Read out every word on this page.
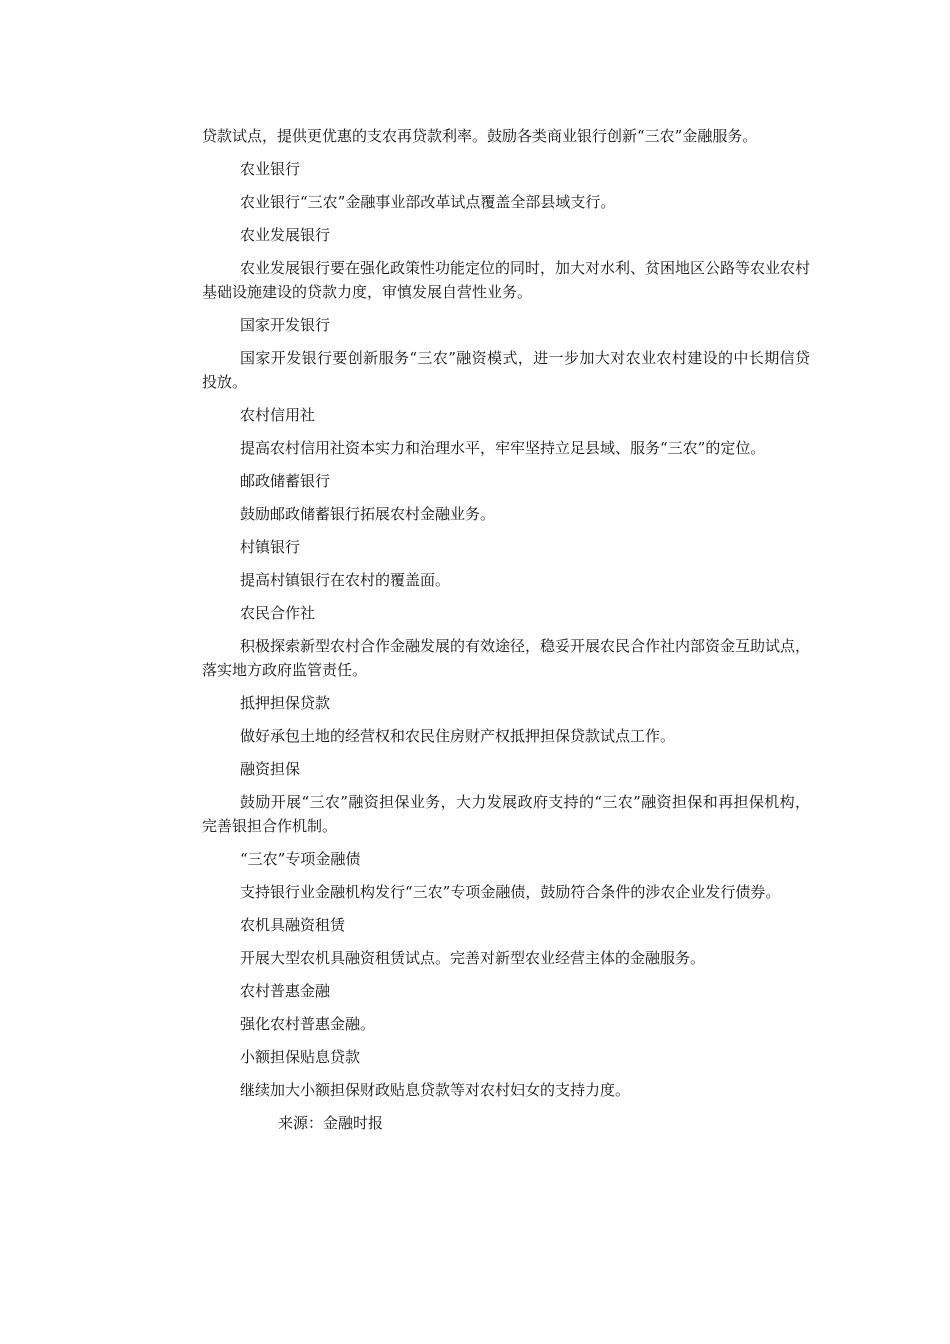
贷款试点，提供更优惠的支农再贷款利率。鼓励各类商业银行创新“三农”金融服务。

农业银行

农业银行“三农”金融事业部改革试点覆盖全部县域支行。

农业发展银行

农业发展银行要在强化政策性功能定位的同时，加大对水利、贫困地区公路等农业农村基础设施建设的贷款力度，审慎发展自营性业务。

国家开发银行

国家开发银行要创新服务“三农”融资模式，进一步加大对农业农村建设的中长期信贷投放。

农村信用社

提高农村信用社资本实力和治理水平，牢牢坚持立足县域、服务“三农”的定位。

邮政储蓄银行

鼓励邮政储蓄银行拓展农村金融业务。

村镇银行

提高村镇银行在农村的覆盖面。

农民合作社

积极探索新型农村合作金融发展的有效途径，稳妥开展农民合作社内部资金互助试点，落实地方政府监管责任。

抵押担保贷款

做好承包土地的经营权和农民住房财产权抵押担保贷款试点工作。

融资担保

鼓励开展“三农”融资担保业务，大力发展政府支持的“三农”融资担保和再担保机构，完善银担合作机制。

“三农”专项金融债

支持银行业金融机构发行“三农”专项金融债，鼓励符合条件的涉农企业发行债券。

农机具融资租赁

开展大型农机具融资租赁试点。完善对新型农业经营主体的金融服务。

农村普惠金融

强化农村普惠金融。

小额担保贴息贷款

继续加大小额担保财政贴息贷款等对农村妇女的支持力度。

来源：金融时报
